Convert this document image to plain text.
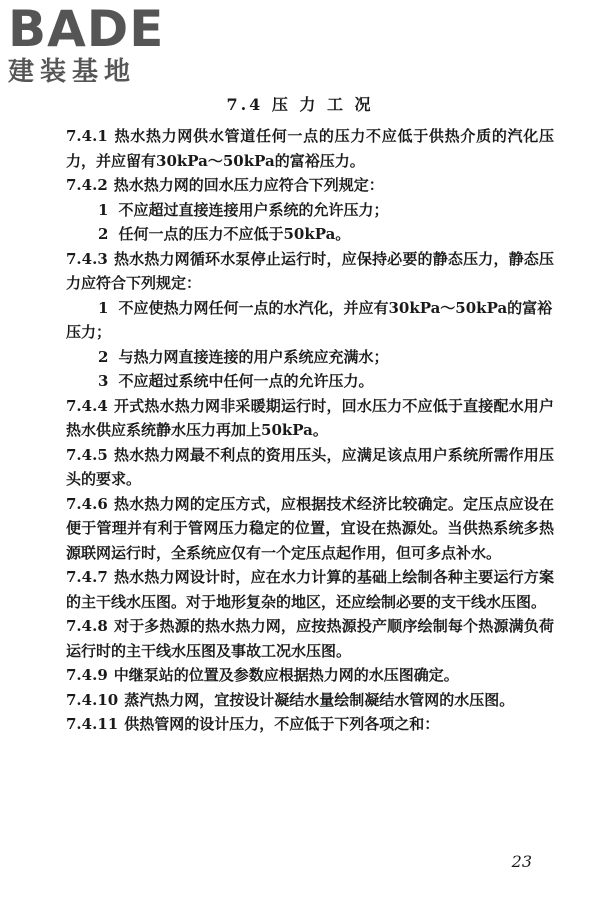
BADE
建装基地
7.4 压 力 工 况

7.4.1 热水热力网供水管道任何一点的压力不应低于供热介质的汽化压力，并应留有30kPa～50kPa的富裕压力。

7.4.2 热水热力网的回水压力应符合下列规定：

1 不应超过直接连接用户系统的允许压力；

2 任何一点的压力不应低于50kPa。

7.4.3 热水热力网循环水泵停止运行时，应保持必要的静态压力，静态压力应符合下列规定：

1 不应使热力网任何一点的水汽化，并应有30kPa～50kPa的富裕压力；

2 与热力网直接连接的用户系统应充满水；

3 不应超过系统中任何一点的允许压力。

7.4.4 开式热水热力网非采暖期运行时，回水压力不应低于直接配水用户热水供应系统静水压力再加上50kPa。

7.4.5 热水热力网最不利点的资用压头，应满足该点用户系统所需作用压头的要求。

7.4.6 热水热力网的定压方式，应根据技术经济比较确定。定压点应设在便于管理并有利于管网压力稳定的位置，宜设在热源处。当供热系统多热源联网运行时，全系统应仅有一个定压点起作用，但可多点补水。

7.4.7 热水热力网设计时，应在水力计算的基础上绘制各种主要运行方案的主干线水压图。对于地形复杂的地区，还应绘制必要的支干线水压图。

7.4.8 对于多热源的热水热力网，应按热源投产顺序绘制每个热源满负荷运行时的主干线水压图及事故工况水压图。

7.4.9 中继泵站的位置及参数应根据热力网的水压图确定。

7.4.10 蒸汽热力网，宜按设计凝结水量绘制凝结水管网的水压图。

7.4.11 供热管网的设计压力，不应低于下列各项之和：

23
